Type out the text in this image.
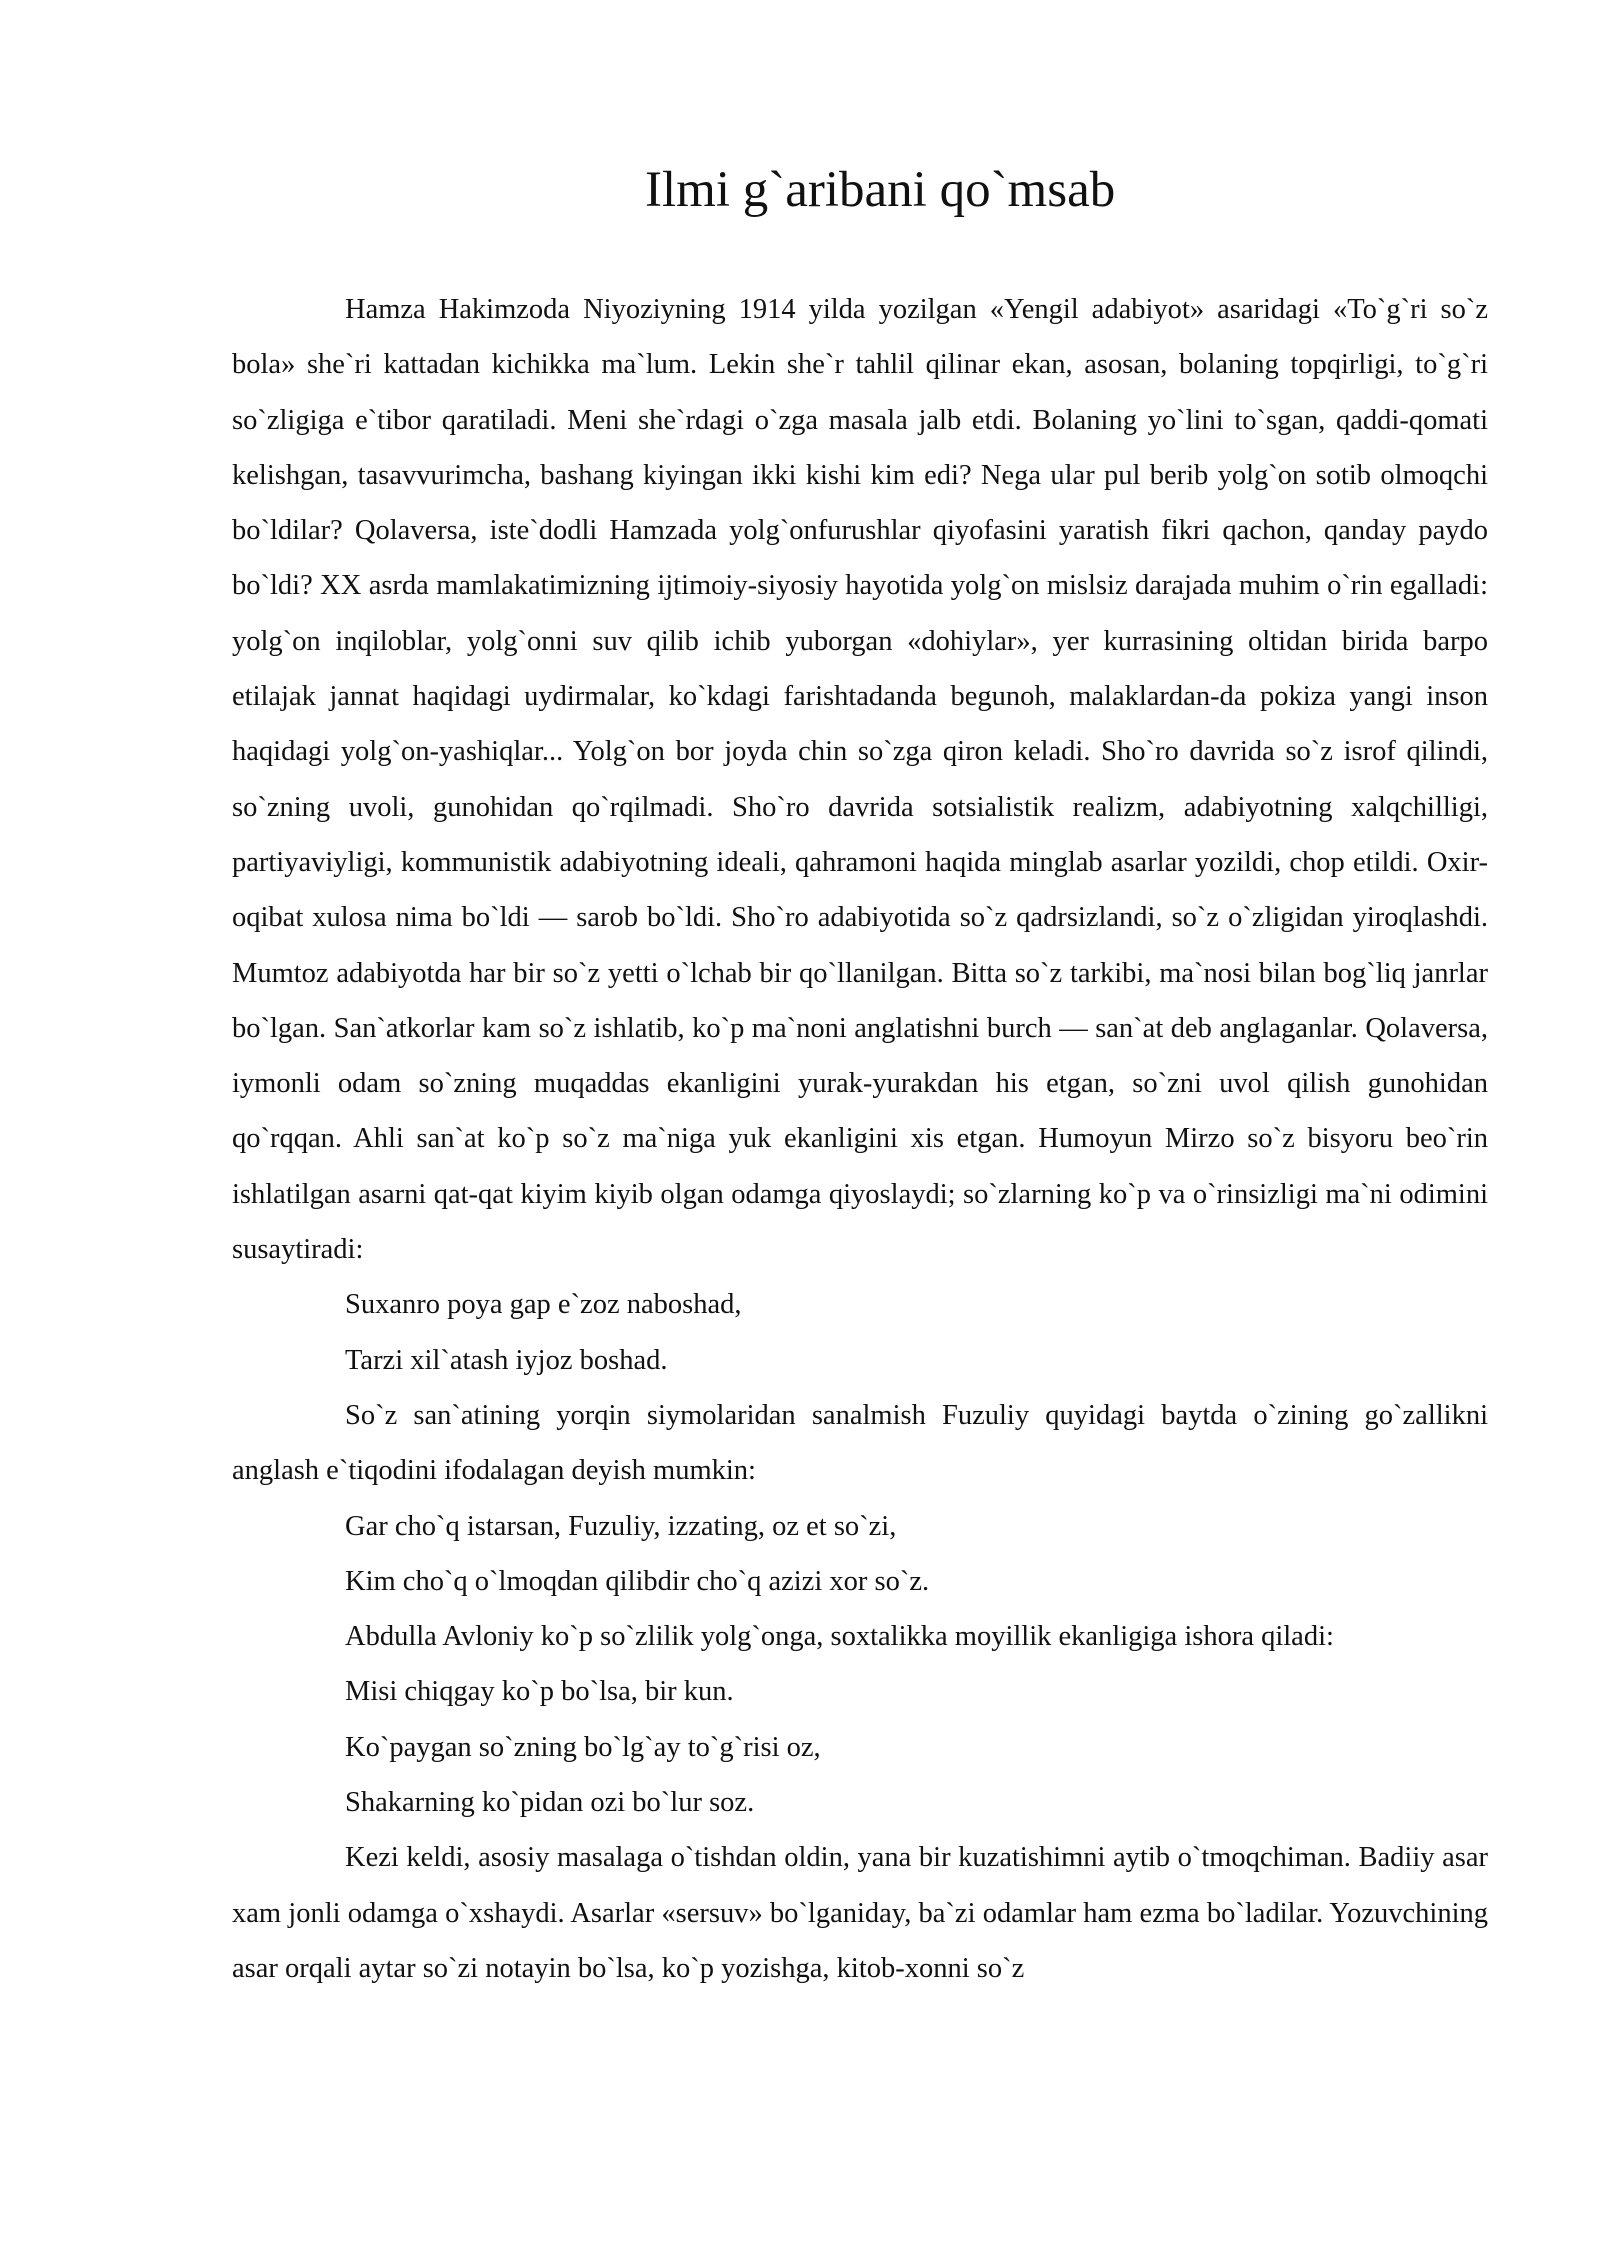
Ilmi g`aribani qo`msab

Hamza Hakimzoda Niyoziyning 1914 yilda yozilgan «Yengil adabiyot» asaridagi «To`g`ri so`z bola» she`ri kattadan kichikka ma`lum. Lekin she`r tahlil qilinar ekan, asosan, bolaning topqirligi, to`g`ri so`zligiga e`tibor qaratiladi. Meni she`rdagi o`zga masala jalb etdi. Bolaning yo`lini to`sgan, qaddi-qomati kelishgan, tasavvurimcha, bashang kiyingan ikki kishi kim edi? Nega ular pul berib yolg`on sotib olmoqchi bo`ldilar? Qolaversa, iste`dodli Hamzada yolg`onfurushlar qiyofasini yaratish fikri qachon, qanday paydo bo`ldi? XX asrda mamlakatimizning ijtimoiy-siyosiy hayotida yolg`on mislsiz darajada muhim o`rin egalladi: yolg`on inqiloblar, yolg`onni suv qilib ichib yuborgan «dohiylar», yer kurrasining oltidan birida barpo etilajak jannat haqidagi uydirmalar, ko`kdagi farishtadanda begunoh, malaklardan-da pokiza yangi inson haqidagi yolg`on-yashiqlar... Yolg`on bor joyda chin so`zga qiron keladi. Sho`ro davrida so`z isrof qilindi, so`zning uvoli, gunohidan qo`rqilmadi. Sho`ro davrida sotsialistik realizm, adabiyotning xalqchilligi, partiyaviyligi, kommunistik adabiyotning ideali, qahramoni haqida minglab asarlar yozildi, chop etildi. Oxir-oqibat xulosa nima bo`ldi — sarob bo`ldi. Sho`ro adabiyotida so`z qadrsizlandi, so`z o`zligidan yiroqlashdi. Mumtoz adabiyotda har bir so`z yetti o`lchab bir qo`llanilgan. Bitta so`z tarkibi, ma`nosi bilan bog`liq janrlar bo`lgan. San`atkorlar kam so`z ishlatib, ko`p ma`noni anglatishni burch — san`at deb anglaganlar. Qolaversa, iymonli odam so`zning muqaddas ekanligini yurak-yurakdan his etgan, so`zni uvol qilish gunohidan qo`rqqan. Ahli san`at ko`p so`z ma`niga yuk ekanligini xis etgan. Humoyun Mirzo so`z bisyoru beo`rin ishlatilgan asarni qat-qat kiyim kiyib olgan odamga qiyoslaydi; so`zlarning ko`p va o`rinsizligi ma`ni odimini susaytiradi:

Suxanro poya gap e`zoz naboshad,

Tarzi xil`atash iyjoz boshad.

So`z san`atining yorqin siymolaridan sanalmish Fuzuliy quyidagi baytda o`zining go`zallikni anglash e`tiqodini ifodalagan deyish mumkin:

Gar cho`q istarsan, Fuzuliy, izzating, oz et so`zi,

Kim cho`q o`lmoqdan qilibdir cho`q azizi xor so`z.

Abdulla Avloniy ko`p so`zlilik yolg`onga, soxtalikka moyillik ekanligiga ishora qiladi:

Misi chiqgay ko`p bo`lsa, bir kun.

Ko`paygan so`zning bo`lg`ay to`g`risi oz,

Shakarning ko`pidan ozi bo`lur soz.

Kezi keldi, asosiy masalaga o`tishdan oldin, yana bir kuzatishimni aytib o`tmoqchiman. Badiiy asar xam jonli odamga o`xshaydi. Asarlar «sersuv» bo`lganiday, ba`zi odamlar ham ezma bo`ladilar. Yozuvchining asar orqali aytar so`zi notayin bo`lsa, ko`p yozishga, kitob-xonni so`z
